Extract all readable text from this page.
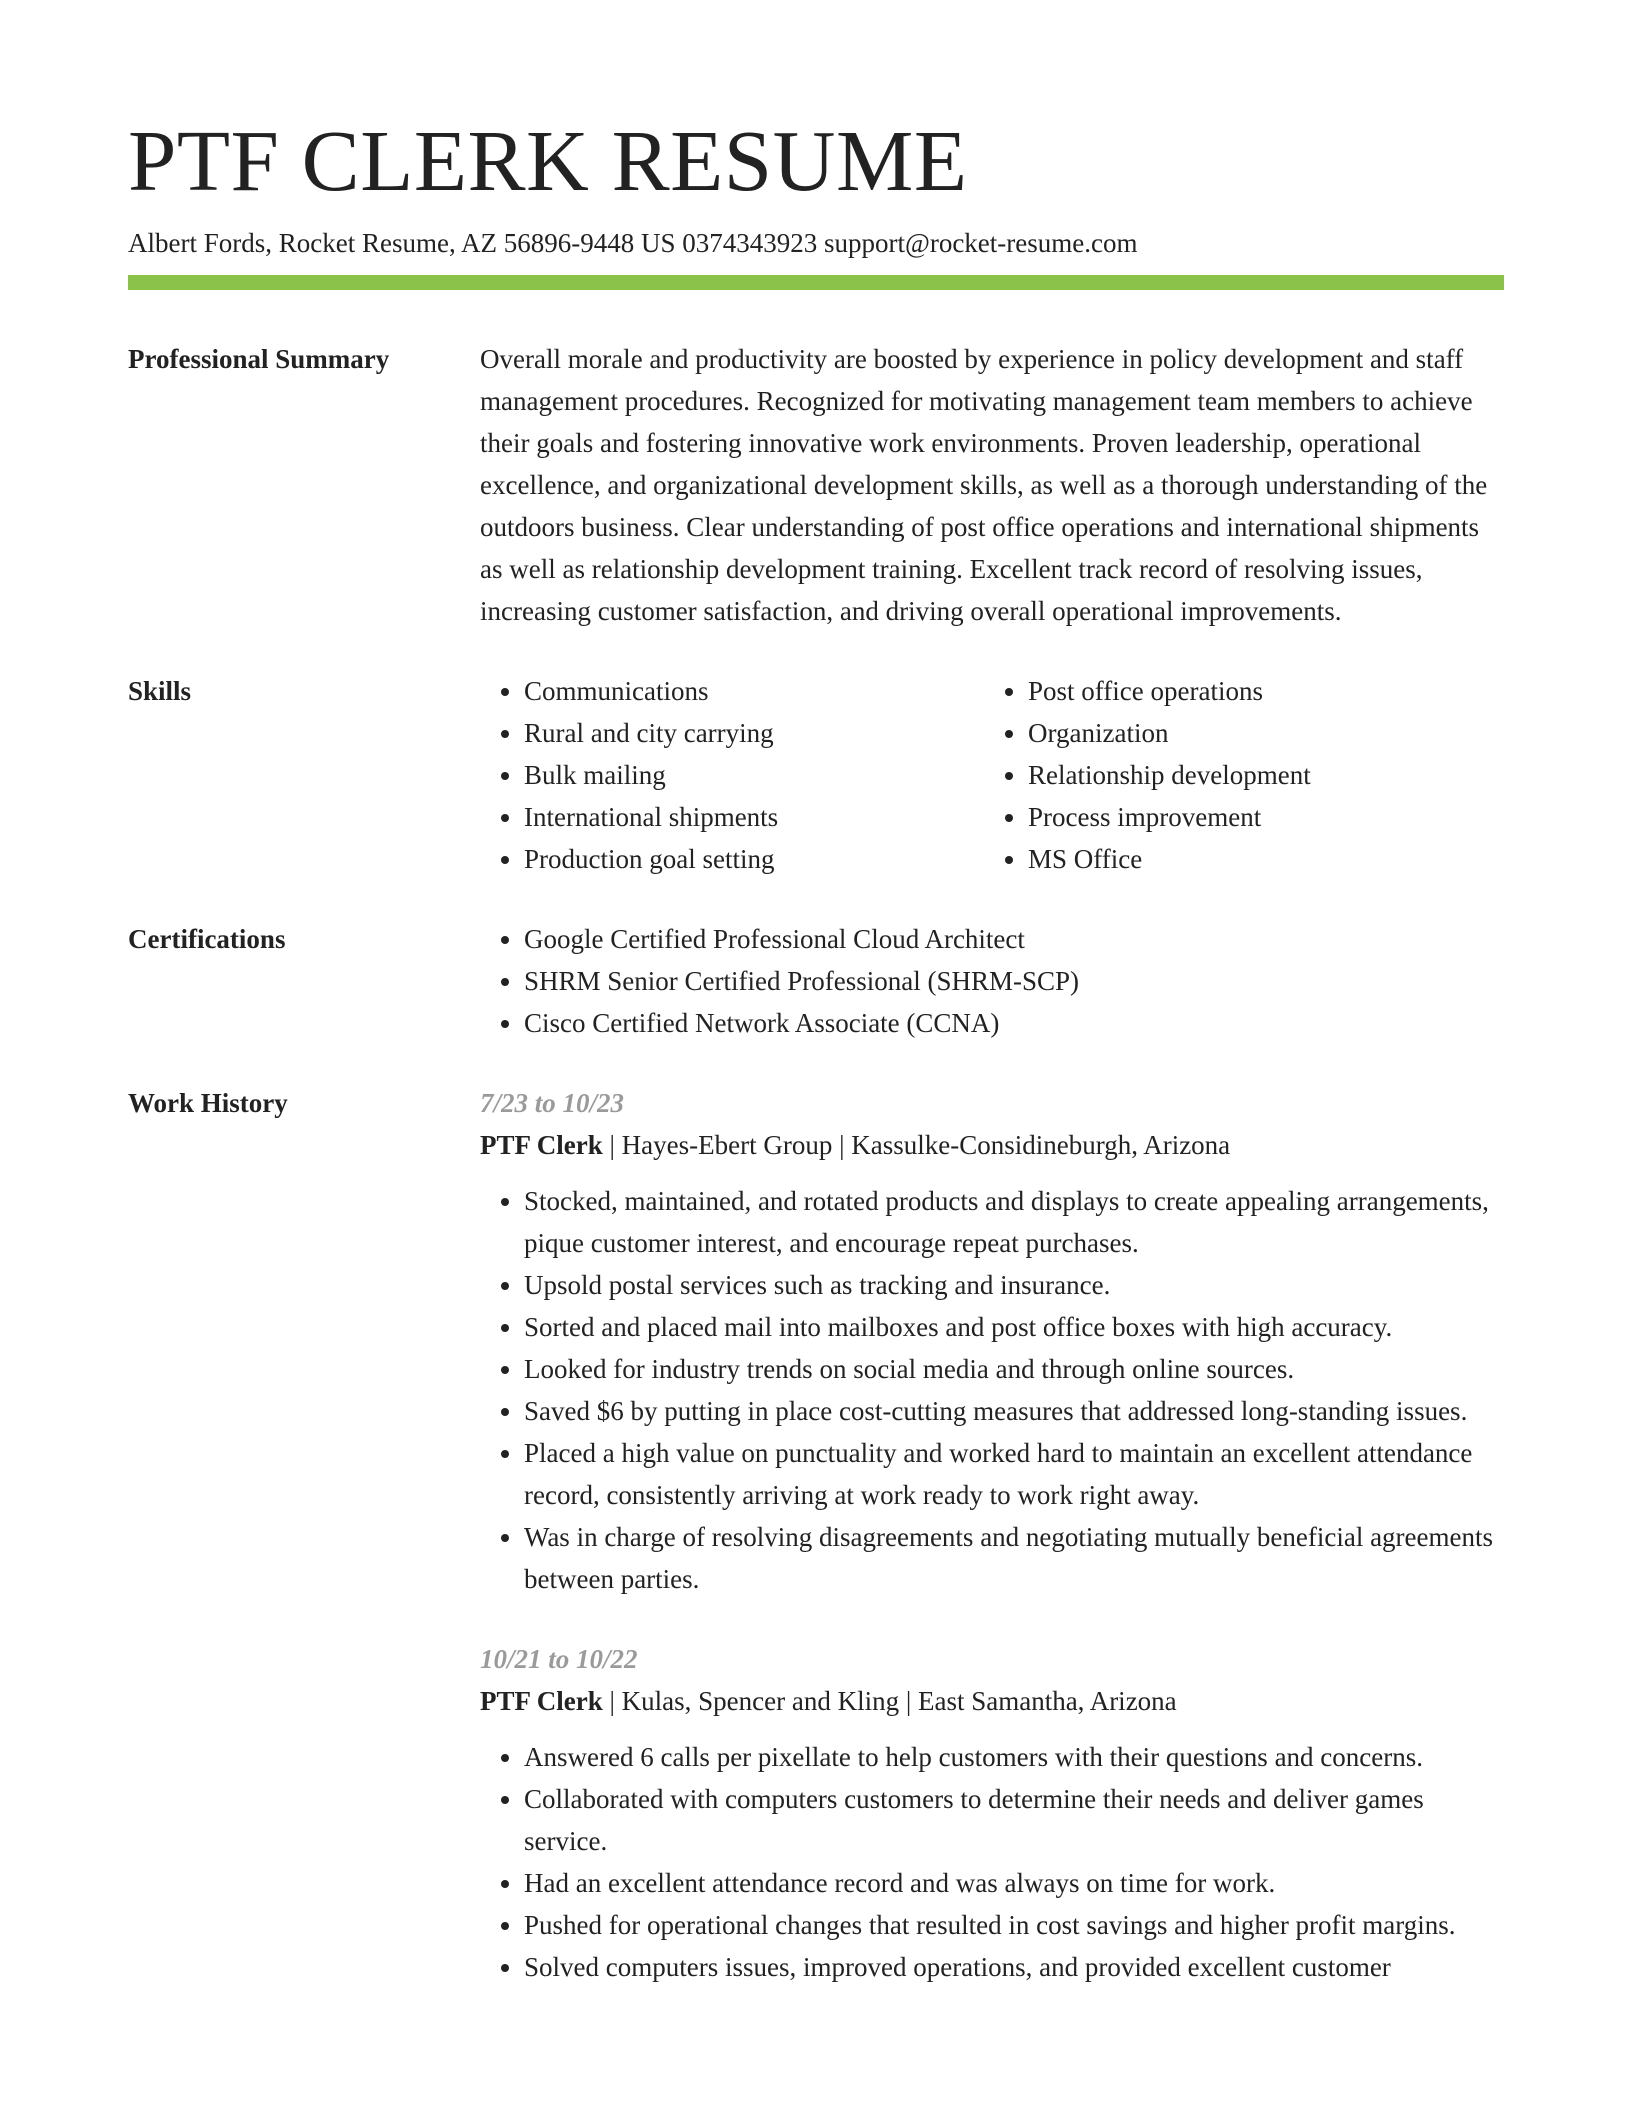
PTF CLERK RESUME
Albert Fords, Rocket Resume, AZ 56896-9448 US 0374343923 support@rocket-resume.com
Professional Summary	Overall morale and productivity are boosted by experience in policy development and staff management procedures. Recognized for motivating management team members to achieve their goals and fostering innovative work environments. Proven leadership, operational excellence, and organizational development skills, as well as a thorough understanding of the outdoors business. Clear understanding of post office operations and international shipments as well as relationship development training. Excellent track record of resolving issues, increasing customer satisfaction, and driving overall operational improvements.

Skills	• Communications
• Rural and city carrying
• Bulk mailing
• International shipments
• Production goal setting
• Post office operations
• Organization
• Relationship development
• Process improvement
• MS Office
Certifications	• Google Certified Professional Cloud Architect
• SHRM Senior Certified Professional (SHRM-SCP)
• Cisco Certified Network Associate (CCNA)
Work History	7/23 to 10/23
PTF Clerk | Hayes-Ebert Group | Kassulke-Considineburgh, Arizona
• Stocked, maintained, and rotated products and displays to create appealing arrangements, pique customer interest, and encourage repeat purchases.
• Upsold postal services such as tracking and insurance.
• Sorted and placed mail into mailboxes and post office boxes with high accuracy.
• Looked for industry trends on social media and through online sources.
• Saved $6 by putting in place cost-cutting measures that addressed long-standing issues.
• Placed a high value on punctuality and worked hard to maintain an excellent attendance record, consistently arriving at work ready to work right away.
• Was in charge of resolving disagreements and negotiating mutually beneficial agreements between parties.
10/21 to 10/22
PTF Clerk | Kulas, Spencer and Kling | East Samantha, Arizona
• Answered 6 calls per pixellate to help customers with their questions and concerns.
• Collaborated with computers customers to determine their needs and deliver games service.
• Had an excellent attendance record and was always on time for work.
• Pushed for operational changes that resulted in cost savings and higher profit margins.
• Solved computers issues, improved operations, and provided excellent customer
